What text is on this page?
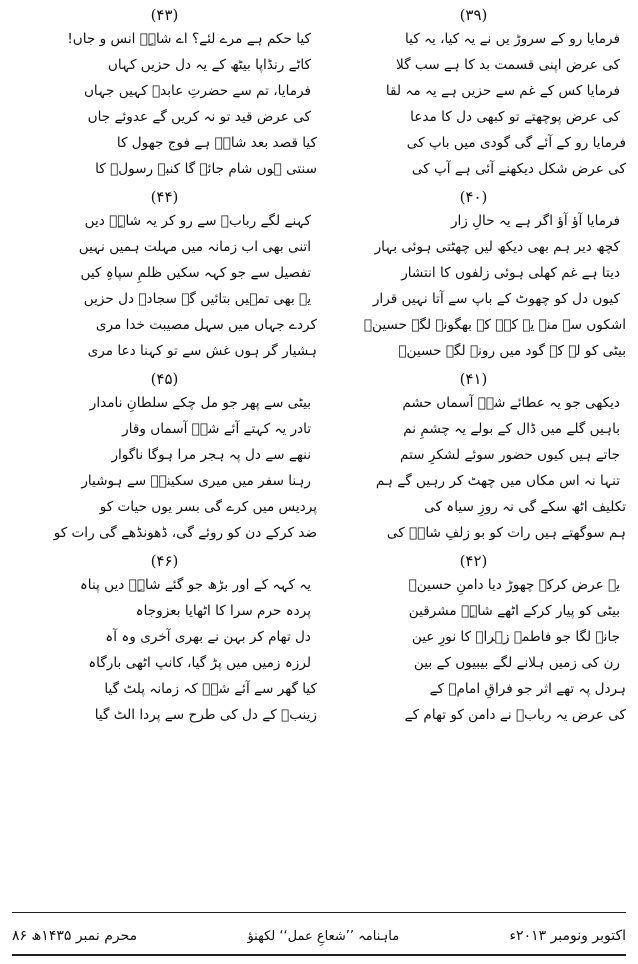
(۳۹)
فرمایا رو کے سروڑ یں نے یہ کیا، یہ کیا
کی عرض اپنی قسمت بد کا ہے سب گلا
فرمایا کس کے غم سے حزیں ہے یہ مہ لقا
کی عرض پوچھتے تو کبھی دل کا مدعا
فرمایا رو کے آئے گی گودی میں باپ کی
کی عرض شکل دیکھنے آئی ہے آپ کی
(۴۰)
فرمایا آؤ آؤ اگر ہے یہ حالِ زار
کچھ دیر ہم بھی دیکھ لیں چھٹتی ہوئی بہار
دیتا ہے غم کھلی ہوئی زلفوں کا انتشار
کیوں دل کو چھوٹ کے باپ سے آتا نہیں قرار
اشکوں سے منہ یہ کہہ کے بھگونے لگے حسینؑ
بیٹی کو لے کے گود میں رونے لگے حسینؑ
(۴۱)
دیکھی جو یہ عطائے شہؑ آسماں حشم
باہیں گلے میں ڈال کے بولے یہ چشمِ نم
جاتے ہیں کیوں حضور سوئے لشکرِ ستم
تنہا نہ اس مکاں میں چھٹ کر رہیں گے ہم
تکلیف اٹھ سکے گی نہ روزِ سیاہ کی
ہم سوگھتے ہیں رات کو بو زلفِ شاہؑ کی
(۴۲)
یہ عرض کرکے چھوڑ دیا دامنِ حسینؑ
بیٹی کو پیار کرکے اٹھے شاہِؑ مشرقین
جانے لگا جو فاطمہ زہراؑ کا نورِ عین
رن کی زمیں ہلانے لگے بیبیوں کے بین
ہردل پہ تھے اثر جو فراقِ امامؑ کے
کی عرض یہ ربابؑ نے دامن کو تھام کے
(۴۳)
کیا حکم ہے مرے لئے؟ اے شاہِؑ انس و جاں!
کاٹے رنڈاپا بیٹھ کے یہ دل حزیں کہاں
فرمایا، تم سے حضرتِ عابدؑ کہیں جہاں
کی عرض قید تو نہ کریں گے عدوئے جاں
کیا قصد بعد شاہؑ ہے فوج جھول کا
سنتی ہوں شام جائے گا کنبہ رسولؐ کا
(۴۴)
کہنے لگے ربابؑ سے رو کر یہ شاہِؑ دیں
اتنی بھی اب زمانہ میں مہلت ہمیں نہیں
تفصیل سے جو کہہ سکیں ظلمِ سپاہِ کیں
یہ بھی تمہیں بتائیں گے سجادؑ دل حزیں
کردے جہاں میں سہل مصیبت خدا مری
ہشیار گر ہوں غش سے تو کہنا دعا مری
(۴۵)
بیٹی سے پھر جو مل چکے سلطانِ نامدار
تادر یہ کہتے آئے شہؑ آسماں وقار
ننھے سے دل پہ ہجر مرا ہوگا ناگوار
رہنا سفر میں میری سکینہؑ سے ہوشیار
پردیس میں کرے گی بسر یوں حیات کو
ضد کرکے دن کو روئے گی، ڈھونڈھے گی رات کو
(۴۶)
یہ کہہ کے اور بڑھ جو گئے شاہِؑ دیں پناہ
پردہ حرم سرا کا اٹھایا بعزوجاہ
دل تھام کر بہن نے بھری آخری وہ آہ
لرزہ زمیں میں پڑ گیا، کانپ اٹھی بارگاہ
کیا گھر سے آئے شہؑ کہ زمانہ پلٹ گیا
زینبؑ کے دل کی طرح سے پردا الٹ گیا
اکتوبر ونومبر ۲۰۱۳ء
ماہنامہ ’’شعاعِ عمل‘‘ لکھنؤ
محرم نمبر ۱۴۳۵ھ ۸۶
